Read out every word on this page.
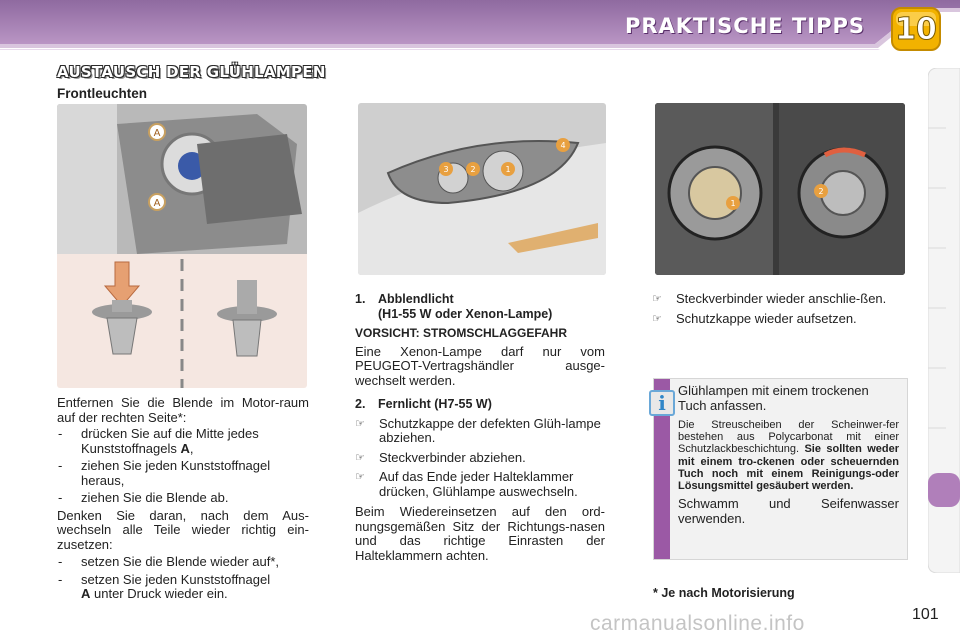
PRAKTISCHE TIPPS	10
AUSTAUSCH DER GLÜHLAMPEN
Frontleuchten
A
A
3	2	1
4
1
2

Entfernen Sie die Blende im Motor-raum auf der rechten Seite*:

- drücken Sie auf die Mitte jedes Kunststoffnagels A,
- ziehen Sie jeden Kunststoffnagel heraus,
- ziehen Sie die Blende ab.

Denken Sie daran, nach dem Aus-wechseln alle Teile wieder richtig ein-zusetzen:

- setzen Sie die Blende wieder auf*,
- setzen Sie jeden Kunststoffnagel
A unter Druck wieder ein.
1. Abblendlicht
(H1-55 W oder Xenon-Lampe)

VORSICHT: STROMSCHLAGGEFAHR

Eine Xenon-Lampe darf nur vom PEUGEOT-Vertragshändler ausge-wechselt werden.

2. Fernlicht (H7-55 W)
☞ Schutzkappe der defekten Glüh-lampe abziehen.
☞ Steckverbinder abziehen.
☞ Auf das Ende jeder Halteklammer drücken, Glühlampe auswechseln.

Beim Wiedereinsetzen auf den ord-nungsgemäßen Sitz der Richtungs-nasen und das richtige Einrasten der Halteklammern achten.

☞ Steckverbinder wieder anschlie-ßen.
☞ Schutzkappe wieder aufsetzen.
i

Glühlampen mit einem trockenen Tuch anfassen.

Die Streuscheiben der Scheinwer-fer bestehen aus Polycarbonat mit einer Schutzlackbeschichtung. Sie sollten weder mit einem tro-ckenen oder scheuernden Tuch noch mit einem Reinigungs-oder Lösungsmittel gesäubert werden.

Schwamm und Seifenwasser verwenden.

* Je nach Motorisierung
carmanualsonline.info	101
